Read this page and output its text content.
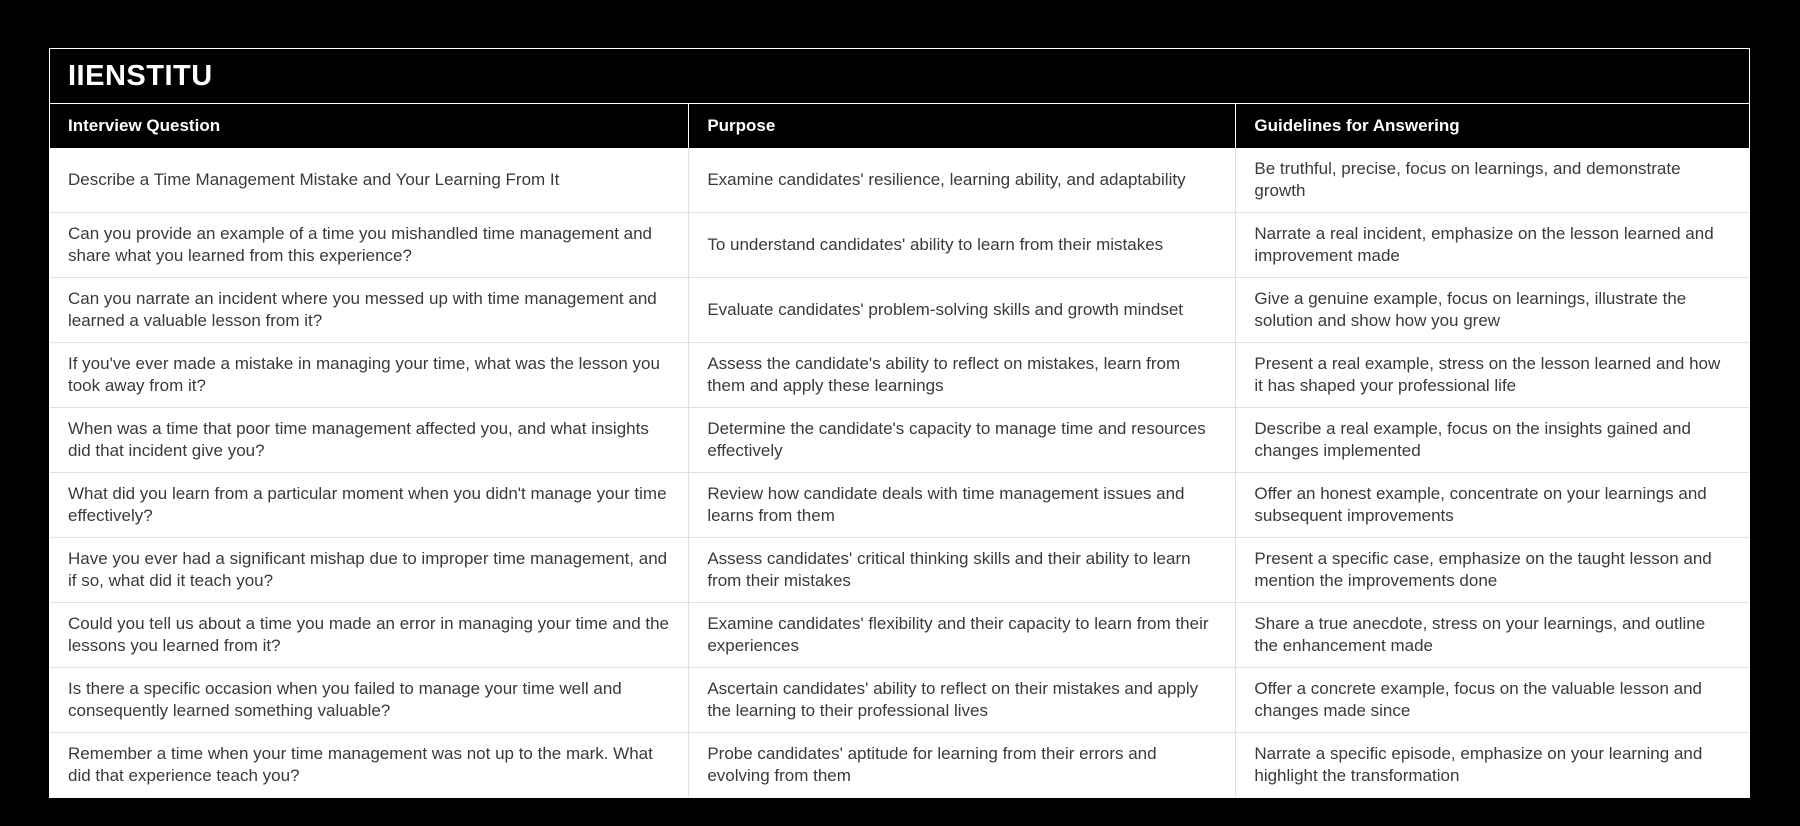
IIENSTITU
Interview Question	Purpose	Guidelines for Answering
Describe a Time Management Mistake and Your Learning From It	Examine candidates' resilience, learning ability, and adaptability	Be truthful, precise, focus on learnings, and demonstrate growth
Can you provide an example of a time you mishandled time management and share what you learned from this experience?	To understand candidates' ability to learn from their mistakes	Narrate a real incident, emphasize on the lesson learned and improvement made
Can you narrate an incident where you messed up with time management and learned a valuable lesson from it?	Evaluate candidates' problem-solving skills and growth mindset	Give a genuine example, focus on learnings, illustrate the solution and show how you grew
If you've ever made a mistake in managing your time, what was the lesson you took away from it?	Assess the candidate's ability to reflect on mistakes, learn from them and apply these learnings	Present a real example, stress on the lesson learned and how it has shaped your professional life
When was a time that poor time management affected you, and what insights did that incident give you?	Determine the candidate's capacity to manage time and resources effectively	Describe a real example, focus on the insights gained and changes implemented
What did you learn from a particular moment when you didn't manage your time effectively?	Review how candidate deals with time management issues and learns from them	Offer an honest example, concentrate on your learnings and subsequent improvements
Have you ever had a significant mishap due to improper time management, and if so, what did it teach you?	Assess candidates' critical thinking skills and their ability to learn from their mistakes	Present a specific case, emphasize on the taught lesson and mention the improvements done
Could you tell us about a time you made an error in managing your time and the lessons you learned from it?	Examine candidates' flexibility and their capacity to learn from their experiences	Share a true anecdote, stress on your learnings, and outline the enhancement made
Is there a specific occasion when you failed to manage your time well and consequently learned something valuable?	Ascertain candidates' ability to reflect on their mistakes and apply the learning to their professional lives	Offer a concrete example, focus on the valuable lesson and changes made since
Remember a time when your time management was not up to the mark. What did that experience teach you?	Probe candidates' aptitude for learning from their errors and evolving from them	Narrate a specific episode, emphasize on your learning and highlight the transformation
